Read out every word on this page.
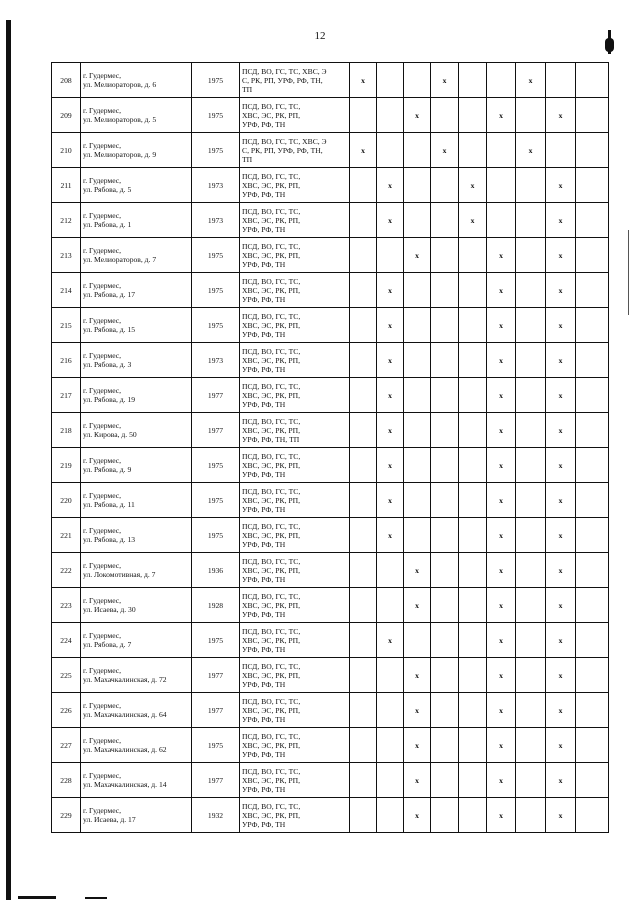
12
208	г. Гудермес,
ул. Мелиораторов, д. 6	1975	ПСД, ВО, ГС, ТС, ХВС, Э
С, РК, РП, УРФ, РФ, ТН,
ТП	x			x			x		
209	г. Гудермес,
ул. Мелиораторов, д. 5	1975	ПСД, ВО, ГС, ТС,
ХВС, ЭС, РК, РП,
УРФ, РФ, ТН			x			x		x	
210	г. Гудермес,
ул. Мелиораторов, д. 9	1975	ПСД, ВО, ГС, ТС, ХВС, Э
С, РК, РП, УРФ, РФ, ТН,
ТП	x			x			x		
211	г. Гудермес,
ул. Рябова, д. 5	1973	ПСД, ВО, ГС, ТС,
ХВС, ЭС, РК, РП,
УРФ, РФ, ТН		x			x			x	
212	г. Гудермес,
ул. Рябова, д. 1	1973	ПСД, ВО, ГС, ТС,
ХВС, ЭС, РК, РП,
УРФ, РФ, ТН		x			x			x	
213	г. Гудермес,
ул. Мелиораторов, д. 7	1975	ПСД, ВО, ГС, ТС,
ХВС, ЭС, РК, РП,
УРФ, РФ, ТН			x			x		x	
214	г. Гудермес,
ул. Рябова, д. 17	1975	ПСД, ВО, ГС, ТС,
ХВС, ЭС, РК, РП,
УРФ, РФ, ТН		x				x		x	
215	г. Гудермес,
ул. Рябова, д. 15	1975	ПСД, ВО, ГС, ТС,
ХВС, ЭС, РК, РП,
УРФ, РФ, ТН		x				x		x	
216	г. Гудермес,
ул. Рябова, д. 3	1973	ПСД, ВО, ГС, ТС,
ХВС, ЭС, РК, РП,
УРФ, РФ, ТН		x				x		x	
217	г. Гудермес,
ул. Рябова, д. 19	1977	ПСД, ВО, ГС, ТС,
ХВС, ЭС, РК, РП,
УРФ, РФ, ТН		x				x		x	
218	г. Гудермес,
ул. Кирова, д. 50	1977	ПСД, ВО, ГС, ТС,
ХВС, ЭС, РК, РП,
УРФ, РФ, ТН, ТП		x				x		x	
219	г. Гудермес,
ул. Рябова, д. 9	1975	ПСД, ВО, ГС, ТС,
ХВС, ЭС, РК, РП,
УРФ, РФ, ТН		x				x		x	
220	г. Гудермес,
ул. Рябова, д. 11	1975	ПСД, ВО, ГС, ТС,
ХВС, ЭС, РК, РП,
УРФ, РФ, ТН		x				x		x	
221	г. Гудермес,
ул. Рябова, д. 13	1975	ПСД, ВО, ГС, ТС,
ХВС, ЭС, РК, РП,
УРФ, РФ, ТН		x				x		x	
222	г. Гудермес,
ул. Локомотивная, д. 7	1936	ПСД, ВО, ГС, ТС,
ХВС, ЭС, РК, РП,
УРФ, РФ, ТН			x			x		x	
223	г. Гудермес,
ул. Исаева, д. 30	1928	ПСД, ВО, ГС, ТС,
ХВС, ЭС, РК, РП,
УРФ, РФ, ТН			x			x		x	
224	г. Гудермес,
ул. Рябова, д. 7	1975	ПСД, ВО, ГС, ТС,
ХВС, ЭС, РК, РП,
УРФ, РФ, ТН		x				x		x	
225	г. Гудермес,
ул. Махачкалинская, д. 72	1977	ПСД, ВО, ГС, ТС,
ХВС, ЭС, РК, РП,
УРФ, РФ, ТН			x			x		x	
226	г. Гудермес,
ул. Махачкалинская, д. 64	1977	ПСД, ВО, ГС, ТС,
ХВС, ЭС, РК, РП,
УРФ, РФ, ТН			x			x		x	
227	г. Гудермес,
ул. Махачкалинская, д. 62	1975	ПСД, ВО, ГС, ТС,
ХВС, ЭС, РК, РП,
УРФ, РФ, ТН			x			x		x	
228	г. Гудермес,
ул. Махачкалинская, д. 14	1977	ПСД, ВО, ГС, ТС,
ХВС, ЭС, РК, РП,
УРФ, РФ, ТН			x			x		x	
229	г. Гудермес,
ул. Исаева, д. 17	1932	ПСД, ВО, ГС, ТС,
ХВС, ЭС, РК, РП,
УРФ, РФ, ТН			x			x		x	
